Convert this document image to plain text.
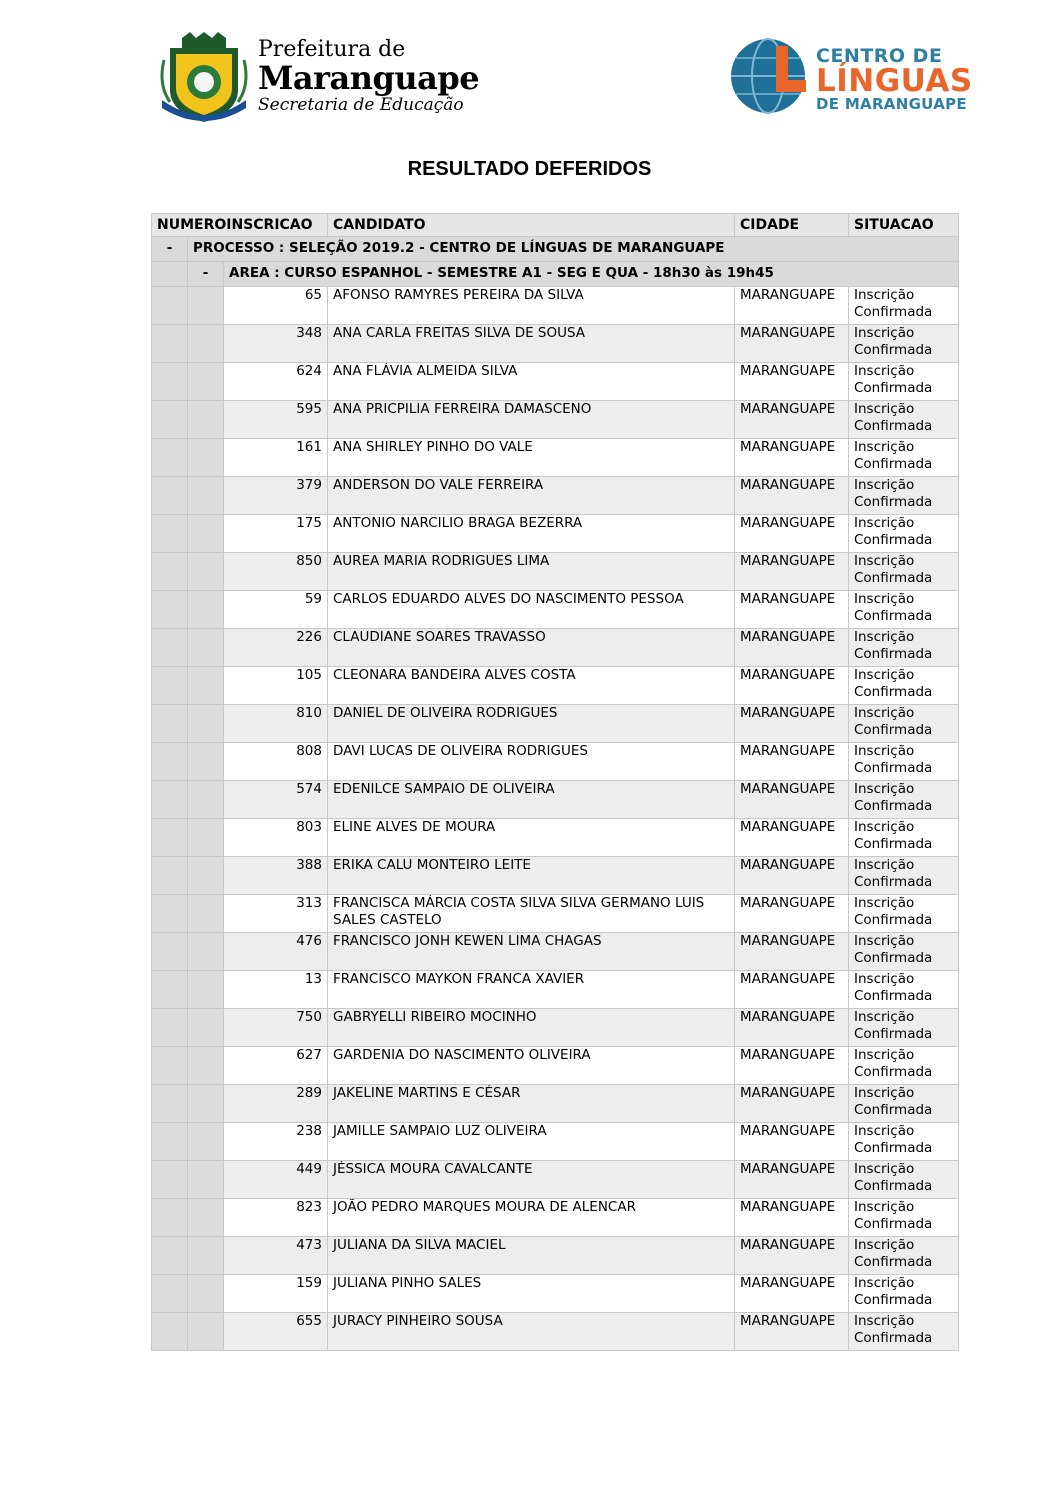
Prefeitura de
Maranguape
Secretaria de Educação
CENTRO DE
LÍNGUAS
DE MARANGUAPE
RESULTADO DEFERIDOS
NUMEROINSCRICAO			CANDIDATO	CIDADE	SITUACAO
-	PROCESSO : SELEÇÃO 2019.2 - CENTRO DE LÍNGUAS DE MARANGUAPE				
	-	AREA : CURSO ESPANHOL - SEMESTRE A1 - SEG E QUA - 18h30 às 19h45			
		65	AFONSO RAMYRES PEREIRA DA SILVA	MARANGUAPE	Inscrição Confirmada
		348	ANA CARLA FREITAS SILVA DE SOUSA	MARANGUAPE	Inscrição Confirmada
		624	ANA FLÁVIA ALMEIDA SILVA	MARANGUAPE	Inscrição Confirmada
		595	ANA PRICPILIA FERREIRA DAMASCENO	MARANGUAPE	Inscrição Confirmada
		161	ANA SHIRLEY PINHO DO VALE	MARANGUAPE	Inscrição Confirmada
		379	ANDERSON DO VALE FERREIRA	MARANGUAPE	Inscrição Confirmada
		175	ANTONIO NARCILIO BRAGA BEZERRA	MARANGUAPE	Inscrição Confirmada
		850	AUREA MARIA RODRIGUES LIMA	MARANGUAPE	Inscrição Confirmada
		59	CARLOS EDUARDO ALVES DO NASCIMENTO PESSOA	MARANGUAPE	Inscrição Confirmada
		226	CLAUDIANE SOARES TRAVASSO	MARANGUAPE	Inscrição Confirmada
		105	CLEONARA BANDEIRA ALVES COSTA	MARANGUAPE	Inscrição Confirmada
		810	DANIEL DE OLIVEIRA RODRIGUES	MARANGUAPE	Inscrição Confirmada
		808	DAVI LUCAS DE OLIVEIRA RODRIGUES	MARANGUAPE	Inscrição Confirmada
		574	EDENILCE SAMPAIO DE OLIVEIRA	MARANGUAPE	Inscrição Confirmada
		803	ELINE ALVES DE MOURA	MARANGUAPE	Inscrição Confirmada
		388	ERIKA CALU MONTEIRO LEITE	MARANGUAPE	Inscrição Confirmada
		313	FRANCISCA MÁRCIA COSTA SILVA SILVA GERMANO LUIS SALES CASTELO	MARANGUAPE	Inscrição Confirmada
		476	FRANCISCO JONH KEWEN LIMA CHAGAS	MARANGUAPE	Inscrição Confirmada
		13	FRANCISCO MAYKON FRANCA XAVIER	MARANGUAPE	Inscrição Confirmada
		750	GABRYELLI RIBEIRO MOCINHO	MARANGUAPE	Inscrição Confirmada
		627	GARDENIA DO NASCIMENTO OLIVEIRA	MARANGUAPE	Inscrição Confirmada
		289	JAKELINE MARTINS E CÉSAR	MARANGUAPE	Inscrição Confirmada
		238	JAMILLE SAMPAIO LUZ OLIVEIRA	MARANGUAPE	Inscrição Confirmada
		449	JÉSSICA MOURA CAVALCANTE	MARANGUAPE	Inscrição Confirmada
		823	JOÃO PEDRO MARQUES MOURA DE ALENCAR	MARANGUAPE	Inscrição Confirmada
		473	JULIANA DA SILVA MACIEL	MARANGUAPE	Inscrição Confirmada
		159	JULIANA PINHO SALES	MARANGUAPE	Inscrição Confirmada
		655	JURACY PINHEIRO SOUSA	MARANGUAPE	Inscrição Confirmada
